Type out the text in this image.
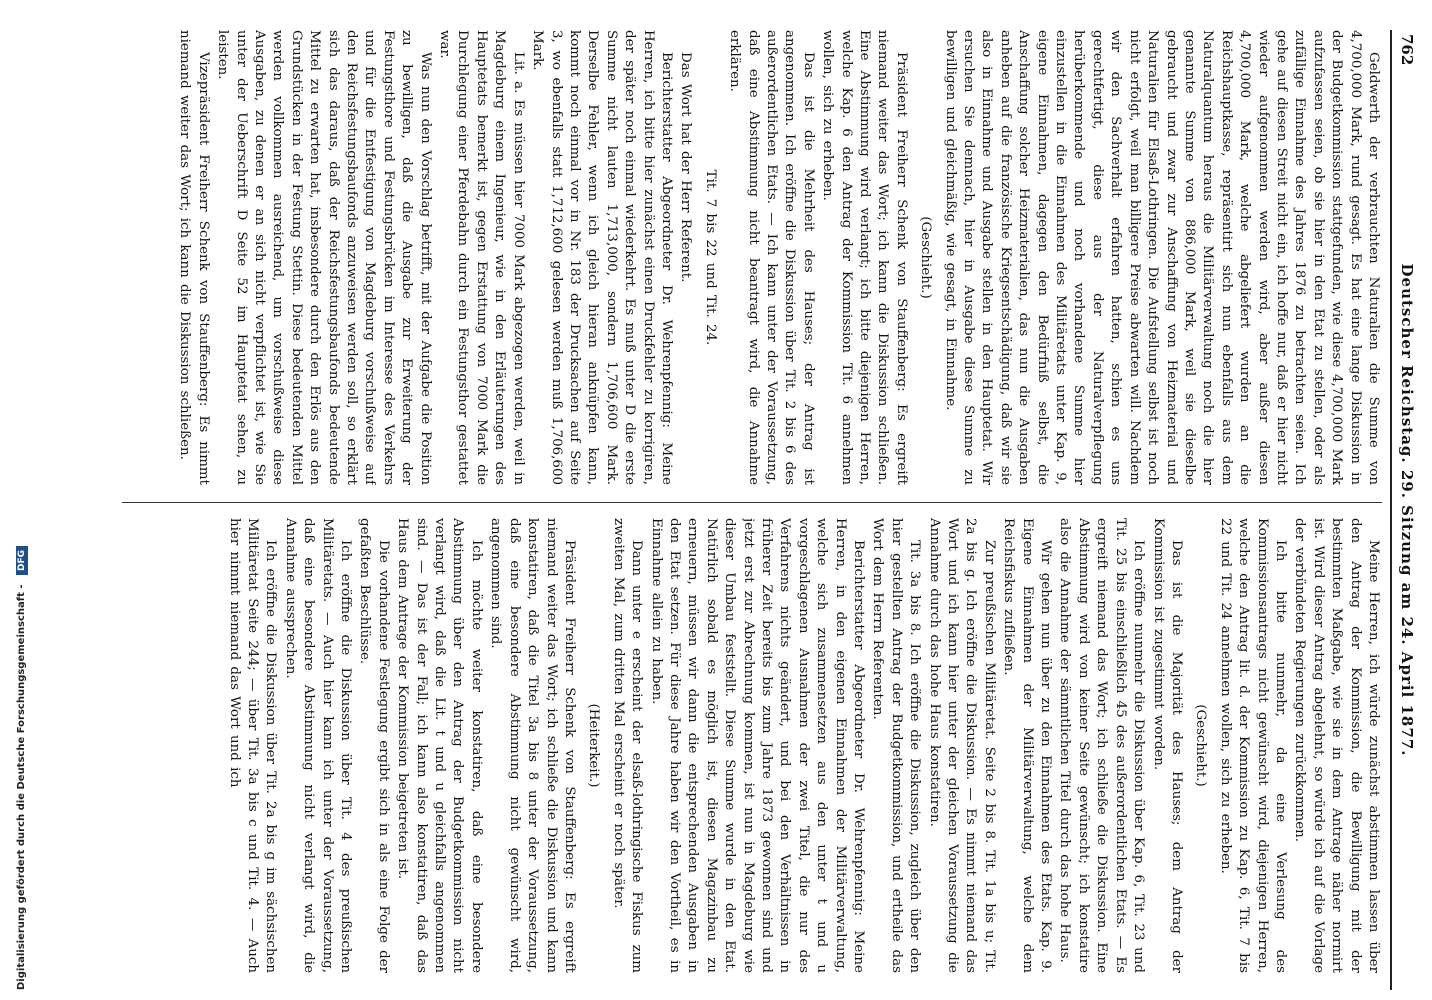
762
Deutscher Reichstag. 29. Sitzung am 24. April 1877.

Geldwerth der verbrauchten Naturalien die Summe von 4,700,000 Mark, rund gesagt. Es hat eine lange Diskussion in der Budgetkommission stattgefunden, wie diese 4,700,000 Mark aufzufassen seien, ob sie hier in den Etat zu stellen, oder als zufällige Einnahme des Jahres 1876 zu betrachten seien. Ich gehe auf diesen Streit nicht ein, ich hoffe nur, daß er hier nicht wieder aufgenommen werden wird, aber außer diesen 4,700,000 Mark, welche abgeliefert wurden an die Reichshauptkasse, repräsentirt sich nun ebenfalls aus dem Naturalquantum heraus die Militärverwaltung noch die hier genannte Summe von 886,000 Mark, weil sie dieselbe gebraucht und zwar zur Anschaffung von Heizmaterial und Naturalien für Elsaß-Lothringen. Die Aufstellung selbst ist noch nicht erfolgt, weil man billigere Preise abwarten will. Nachdem wir den Sachverhalt erfahren hatten, schien es uns gerechtfertigt, diese aus der Naturalverpflegung herüberkommende und noch vorhandene Summe hier einzustellen in die Einnahmen des Militäretats unter Kap. 9, eigene Einnahmen, dagegen den Bedürfniß selbst, die Anschaffung solcher Heizmaterialien, das nun die Ausgaben anheben auf die französische Kriegsentschädigung, daß wir sie also in Einnahme und Ausgabe stellen in den Hauptetat. Wir ersuchen Sie demnach, hier in Ausgabe diese Summe zu bewilligen und gleichmäßig, wie gesagt, in Einnahme.

(Geschieht.)

Präsident Freiherr Schenk von Stauffenberg: Es ergreift niemand weiter das Wort; ich kann die Diskussion schließen. Eine Abstimmung wird verlangt; ich bitte diejenigen Herren, welche Kap. 6 den Antrag der Kommission Tit. 6 annehmen wollen, sich zu erheben.

Das ist die Mehrheit des Hauses; der Antrag ist angenommen. Ich eröffne die Diskussion über Tit. 2 bis 6 des außerordentlichen Etats. — Ich kann unter der Voraussetzung, daß eine Abstimmung nicht beantragt wird, die Annahme erklären.

Tit. 7 bis 22 und Tit. 24.

Das Wort hat der Herr Referent.

Berichterstatter Abgeordneter Dr. Wehrenpfennig: Meine Herren, ich bitte hier zunächst einen Druckfehler zu korrigiren, der später noch einmal wiederkehrt. Es muß unter D die erste Summe nicht lauten 1,713,000, sondern 1,706,600 Mark. Derselbe Fehler, wenn ich gleich hieran anknüpfen kann, kommt noch einmal vor in Nr. 183 der Drucksachen auf Seite 3, wo ebenfalls statt 1,712,600 gelesen werden muß 1,706,600 Mark.

Lit. a. Es müssen hier 7000 Mark abgezogen werden, weil in Magdeburg einem Ingenieur, wie in den Erläuterungen des Hauptetats bemerkt ist, gegen Erstattung von 7000 Mark die Durchlegung einer Pferdebahn durch ein Festungsthor gestattet war.

Was nun den Vorschlag betrifft, mit der Aufgabe die Position zu bewilligen, daß die Ausgabe zur Erweiterung der Festungsthore und Festungsbrücken im Interesse des Verkehrs und für die Entfestigung von Magdeburg vorschußweise auf den Reichsfestungsbaufonds anzuweisen werden soll, so erklärt sich das daraus, daß der Reichsfestungsbaufonds bedeutende Mittel zu erwarten hat, insbesondere durch den Erlös aus den Grundstücken in der Festung Stettin. Diese bedeutenden Mittel werden vollkommen ausreichend, um vorschußweise diese Ausgaben, zu denen er an sich nicht verpflichtet ist, wie Sie unter der Ueberschrift D Seite 52 im Hauptetat sehen, zu leisten.

Vizepräsident Freiherr Schenk von Stauffenberg: Es nimmt niemand weiter das Wort; ich kann die Diskussion schließen.

Meine Herren, ich würde zunächst abstimmen lassen über den Antrag der Kommission, die Bewilligung mit der bestimmten Maßgabe, wie sie in dem Antrage näher normirt ist. Wird dieser Antrag abgelehnt, so würde ich auf die Vorlage der verbündeten Regierungen zurückkommen.

Ich bitte nunmehr, da eine Verlesung des Kommissionsantrags nicht gewünscht wird, diejenigen Herren, welche den Antrag lit. d. der Kommission zu Kap. 6, Tit. 7 bis 22 und Tit. 24 annehmen wollen, sich zu erheben.

(Geschieht.)

Das ist die Majorität des Hauses; dem Antrag der Kommission ist zugestimmt worden.

Ich eröffne nunmehr die Diskussion über Kap. 6, Tit. 23 und Tit. 25 bis einschließlich 45 des außerordentlichen Etats. — Es ergreift niemand das Wort; ich schließe die Diskussion. Eine Abstimmung wird von keiner Seite gewünscht; ich konstatire also die Annahme der sämmtlichen Titel durch das hohe Haus.

Wir gehen nun über zu den Einnahmen des Etats. Kap. 9. Eigene Einnahmen der Militärverwaltung, welche dem Reichsfiskus zufließen.

Zur preußischen Militäretat. Seite 2 bis 8. Tit. 1a bis u; Tit. 2a bis g. Ich eröffne die Diskussion. — Es nimmt niemand das Wort und ich kann hier unter der gleichen Voraussetzung die Annahme durch das hohe Haus konstatiren.

Tit. 3a bis 8. Ich eröffne die Diskussion, zugleich über den hier gestellten Antrag der Budgetkommission, und ertheile das Wort dem Herrn Referenten.

Berichterstatter Abgeordneter Dr. Wehrenpfennig: Meine Herren, in den eigenen Einnahmen der Militärverwaltung, welche sich zusammensetzen aus den unter t und u vorgeschlagenen Ausnahmen der zwei Titel, die nur des Verfahrens nichts geändert, und bei den Verhältnissen in früherer Zeit bereits bis zum Jahre 1873 gewonnen sind und jetzt erst zur Abrechnung kommen, ist nun in Magdeburg wie dieser Umbau feststellt. Diese Summe wurde in den Etat. Natürlich sobald es möglich ist, diesen Magazinbau zu erneuern, müssen wir dann die entsprechenden Ausgaben in den Etat setzen. Für diese Jahre haben wir den Vortheil, es in Einnahme allein zu haben.

Dann unter e erscheint der elsaß-lothringische Fiskus zum zweiten Mal, zum dritten Mal erscheint er noch später.

(Heiterkeit.)

Präsident Freiherr Schenk von Stauffenberg: Es ergreift niemand weiter das Wort; ich schließe die Diskussion und kann konstatiren, daß die Titel 3a bis 8 unter der Voraussetzung, daß eine besondere Abstimmung nicht gewünscht wird, angenommen sind.

Ich möchte weiter konstatiren, daß eine besondere Abstimmung über den Antrag der Budgetkommission nicht verlangt wird, daß die Lit. t und u gleichfalls angenommen sind. — Das ist der Fall; ich kann also konstatiren, daß das Haus dem Antrage der Kommission beigetreten ist.

Die vorhandene Festlegung ergibt sich in als eine Folge der gefaßten Beschlüsse.

Ich eröffne die Diskussion über Tit. 4 des preußischen Militäretats. — Auch hier kann ich unter der Voraussetzung, daß eine besondere Abstimmung nicht verlangt wird, die Annahme aussprechen.

Ich eröffne die Diskussion über Tit. 2a bis g im sächsischen Militäretat Seite 244; — über Tit. 3a bis c und Tit. 4. — Auch hier nimmt niemand das Wort und ich

Digitalisierung gefördert durch die Deutsche Forschungsgemeinschaft - DFG
